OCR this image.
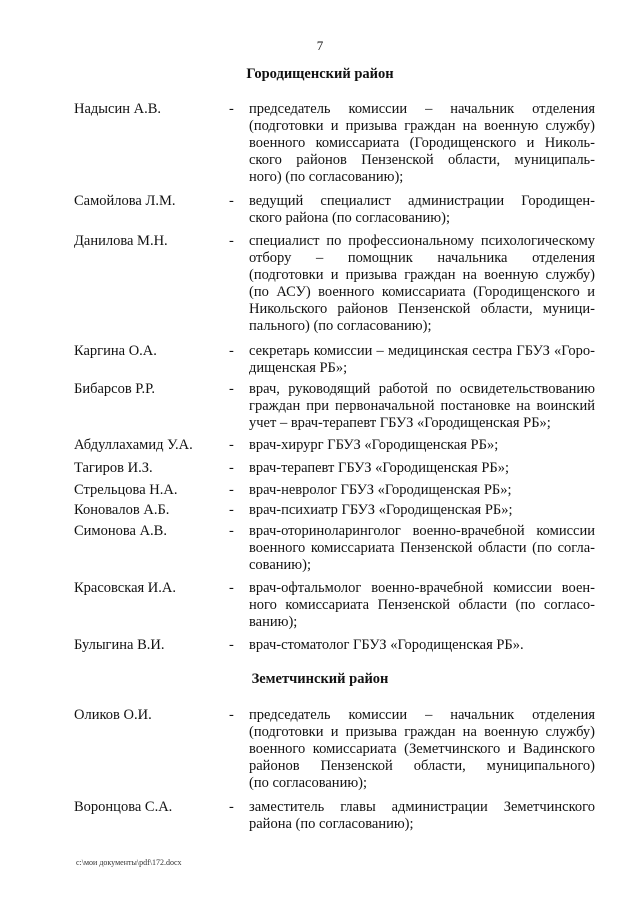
7
Городищенский район
Надысин А.В.	- председатель комиссии – начальник отделения
(подготовки и призыва граждан на военную службу)
военного комиссариата (Городищенского и Николь-
ского районов Пензенской области, муниципаль-
ного) (по согласованию);
Самойлова Л.М.	- ведущий специалист администрации Городищен-
ского района (по согласованию);
Данилова М.Н.	- специалист по профессиональному психологическому
отбору – помощник начальника отделения
(подготовки и призыва граждан на военную службу)
(по АСУ) военного комиссариата (Городищенского и
Никольского районов Пензенской области, муници-
пального) (по согласованию);
Каргина О.А.	- секретарь комиссии – медицинская сестра ГБУЗ «Горо-
дищенская РБ»;
Бибарсов Р.Р.	- врач, руководящий работой по освидетельствованию
граждан при первоначальной постановке на воинский
учет – врач-терапевт ГБУЗ «Городищенская РБ»;
Абдуллахамид У.А.	- врач-хирург ГБУЗ «Городищенская РБ»;
Тагиров И.З.	- врач-терапевт ГБУЗ «Городищенская РБ»;
Стрельцова Н.А.	- врач-невролог ГБУЗ «Городищенская РБ»;
Коновалов А.Б.	- врач-психиатр ГБУЗ «Городищенская РБ»;
Симонова А.В.	- врач-оториноларинголог военно-врачебной комиссии
военного комиссариата Пензенской области (по согла-
сованию);
Красовская И.А.	- врач-офтальмолог военно-врачебной комиссии воен-
ного комиссариата Пензенской области (по согласо-
ванию);
Булыгина В.И.	- врач-стоматолог ГБУЗ «Городищенская РБ».
Земетчинский район
Оликов О.И.	- председатель комиссии – начальник отделения
(подготовки и призыва граждан на военную службу)
военного комиссариата (Земетчинского и Вадинского
районов Пензенской области, муниципального)
(по согласованию);
Воронцова С.А.	- заместитель главы администрации Земетчинского
района (по согласованию);
c:\мои документы\pdf\172.docx
